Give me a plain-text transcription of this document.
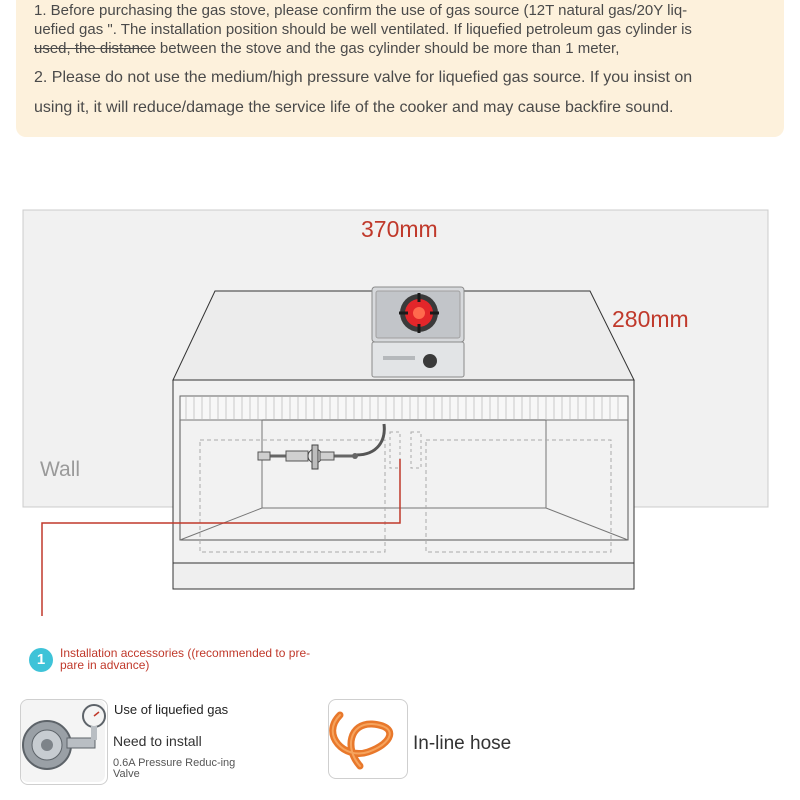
1. Before purchasing the gas stove, please confirm the use of gas source (12T natural gas/20Y liq-
uefied gas ". The installation position should be well ventilated. If liquefied petroleum gas cylinder is
used, the distance between the stove and the gas cylinder should be more than 1 meter,
2. Please do not use the medium/high pressure valve for liquefied gas source. If you insist on
using it, it will reduce/damage the service life of the cooker and may cause backfire sound.
370mm
280mm
Wall
1	Installation accessories ((recommended to pre-pare in advance)
Use of liquefied gas
Need to install
0.6A Pressure Reduc-ing Valve
In-line hose
